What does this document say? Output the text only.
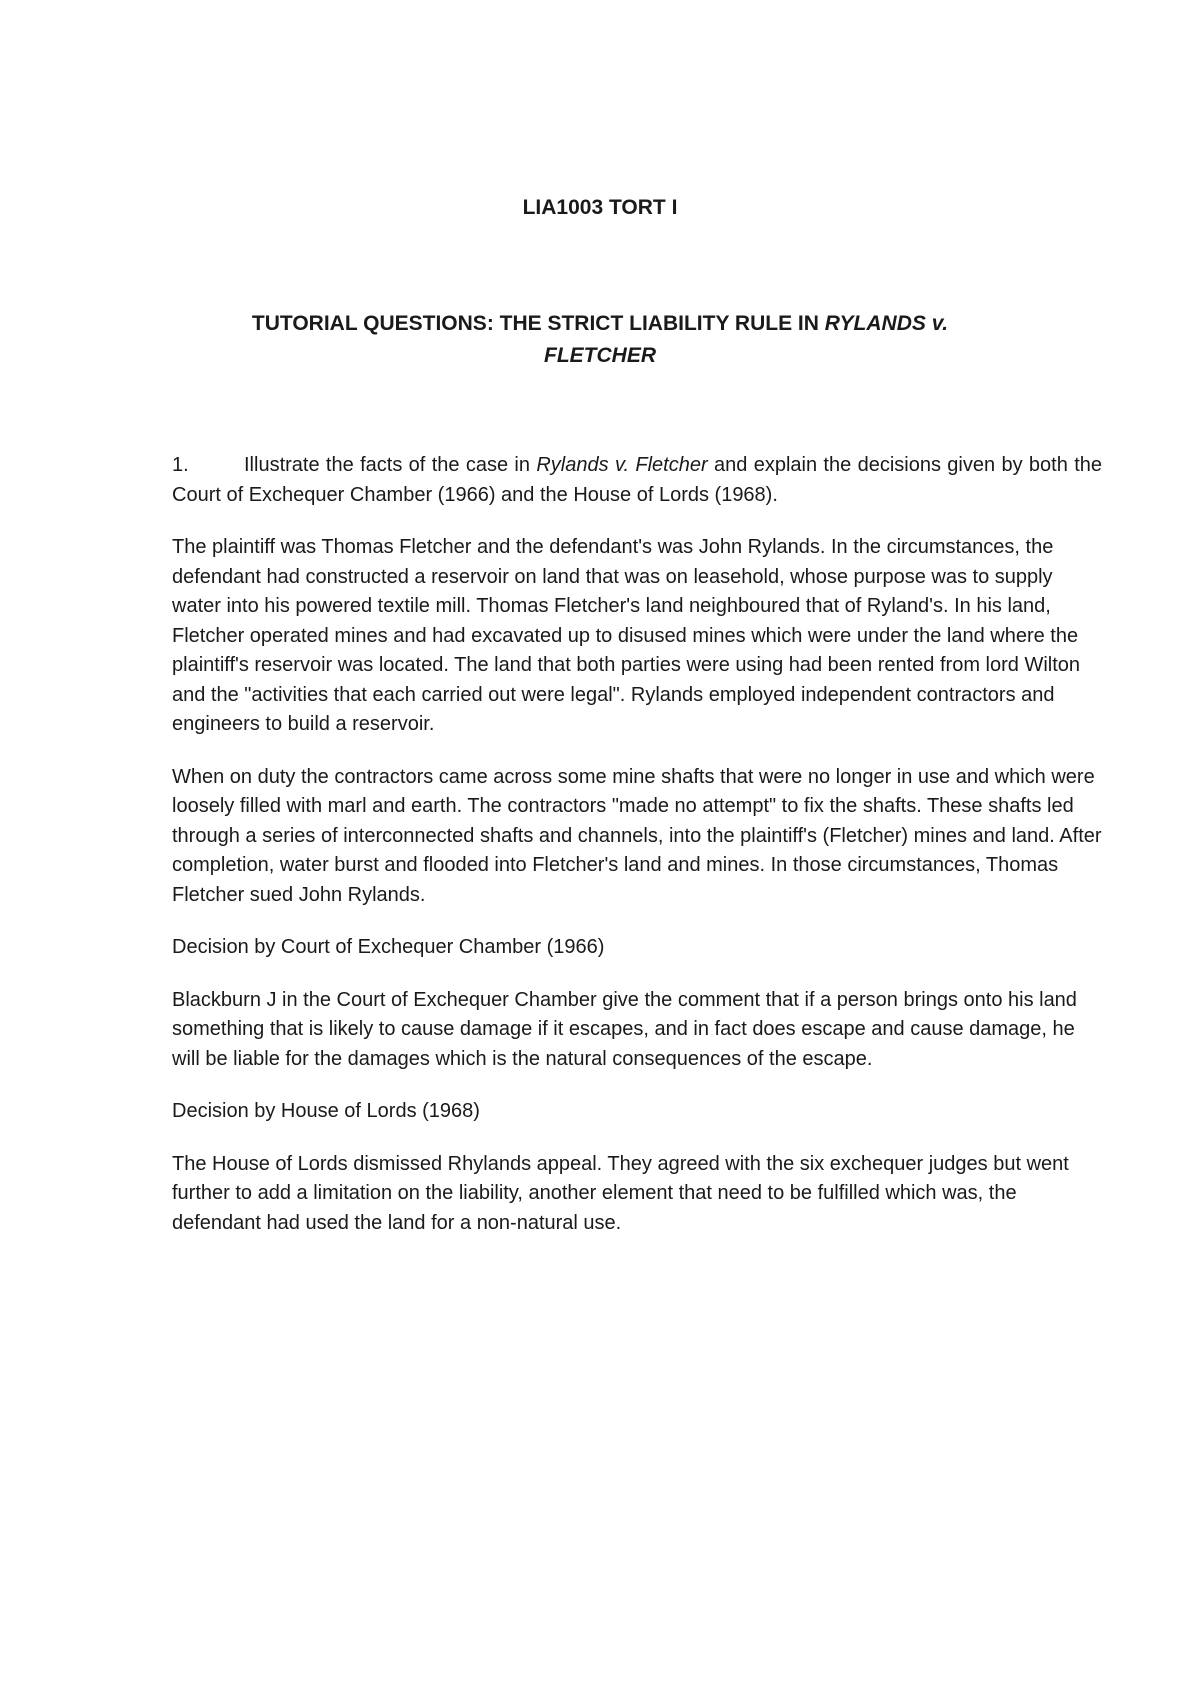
LIA1003 TORT I
TUTORIAL QUESTIONS: THE STRICT LIABILITY RULE IN RYLANDS v. FLETCHER

1.	Illustrate the facts of the case in Rylands v. Fletcher and explain the decisions given by both the Court of Exchequer Chamber (1966) and the House of Lords (1968).

The plaintiff was Thomas Fletcher and the defendant's was John Rylands. In the circumstances, the defendant had constructed a reservoir on land that was on leasehold, whose purpose was to supply water into his powered textile mill. Thomas Fletcher's land neighboured that of Ryland's. In his land, Fletcher operated mines and had excavated up to disused mines which were under the land where the plaintiff's reservoir was located. The land that both parties were using had been rented from lord Wilton and the "activities that each carried out were legal". Rylands employed independent contractors and engineers to build a reservoir.

When on duty the contractors came across some mine shafts that were no longer in use and which were loosely filled with marl and earth. The contractors "made no attempt" to fix the shafts. These shafts led through a series of interconnected shafts and channels, into the plaintiff's (Fletcher) mines and land. After completion, water burst and flooded into Fletcher's land and mines. In those circumstances, Thomas Fletcher sued John Rylands.

Decision by Court of Exchequer Chamber (1966)

Blackburn J in the Court of Exchequer Chamber give the comment that if a person brings onto his land something that is likely to cause damage if it escapes, and in fact does escape and cause damage, he will be liable for the damages which is the natural consequences of the escape.

Decision by House of Lords (1968)

The House of Lords dismissed Rhylands appeal. They agreed with the six exchequer judges but went further to add a limitation on the liability, another element that need to be fulfilled which was, the defendant had used the land for a non-natural use.
